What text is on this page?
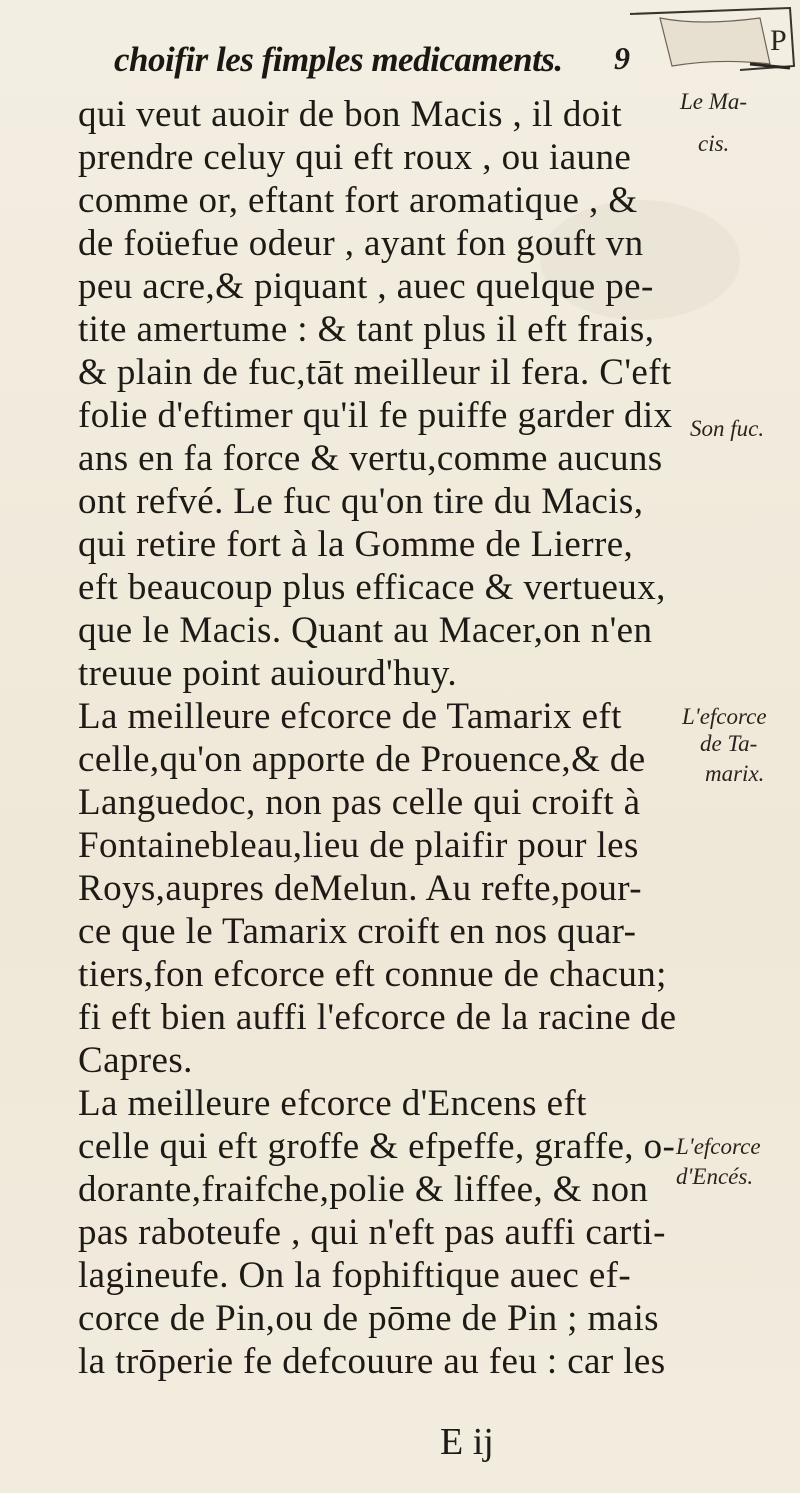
choifir les fimples medicaments. 9	P
qui veut auoir de bon Macis , il doit
prendre celuy qui eft roux , ou iaune
comme or, eftant fort aromatique , &
de foüefue odeur , ayant fon gouft vn
peu acre,& piquant , auec quelque pe-
tite amertume : & tant plus il eft frais,
& plain de fuc,tāt meilleur il fera. C'eft
folie d'eftimer qu'il fe puiffe garder dix
ans en fa force & vertu,comme aucuns
ont refvé. Le fuc qu'on tire du Macis,
qui retire fort à la Gomme de Lierre,
eft beaucoup plus efficace & vertueux,
que le Macis. Quant au Macer,on n'en
treuue point auiourd'huy.
La meilleure efcorce de Tamarix eft
celle,qu'on apporte de Prouence,& de
Languedoc, non pas celle qui croift à
Fontainebleau,lieu de plaifir pour les
Roys,aupres deMelun. Au refte,pour-
ce que le Tamarix croift en nos quar-
tiers,fon efcorce eft connue de chacun;
fi eft bien auffi l'efcorce de la racine de
Capres.
La meilleure efcorce d'Encens eft
celle qui eft groffe & efpeffe, graffe, o-
dorante,fraifche,polie & liffee, & non
pas raboteufe , qui n'eft pas auffi carti-
lagineufe. On la fophiftique auec ef-
corce de Pin,ou de pōme de Pin ; mais
la trōperie fe defcouure au feu : car les
Le Ma-
cis.
Son fuc.
L'efcorce
de Ta-
marix.
L'efcorce
d'Encés.
E ij
